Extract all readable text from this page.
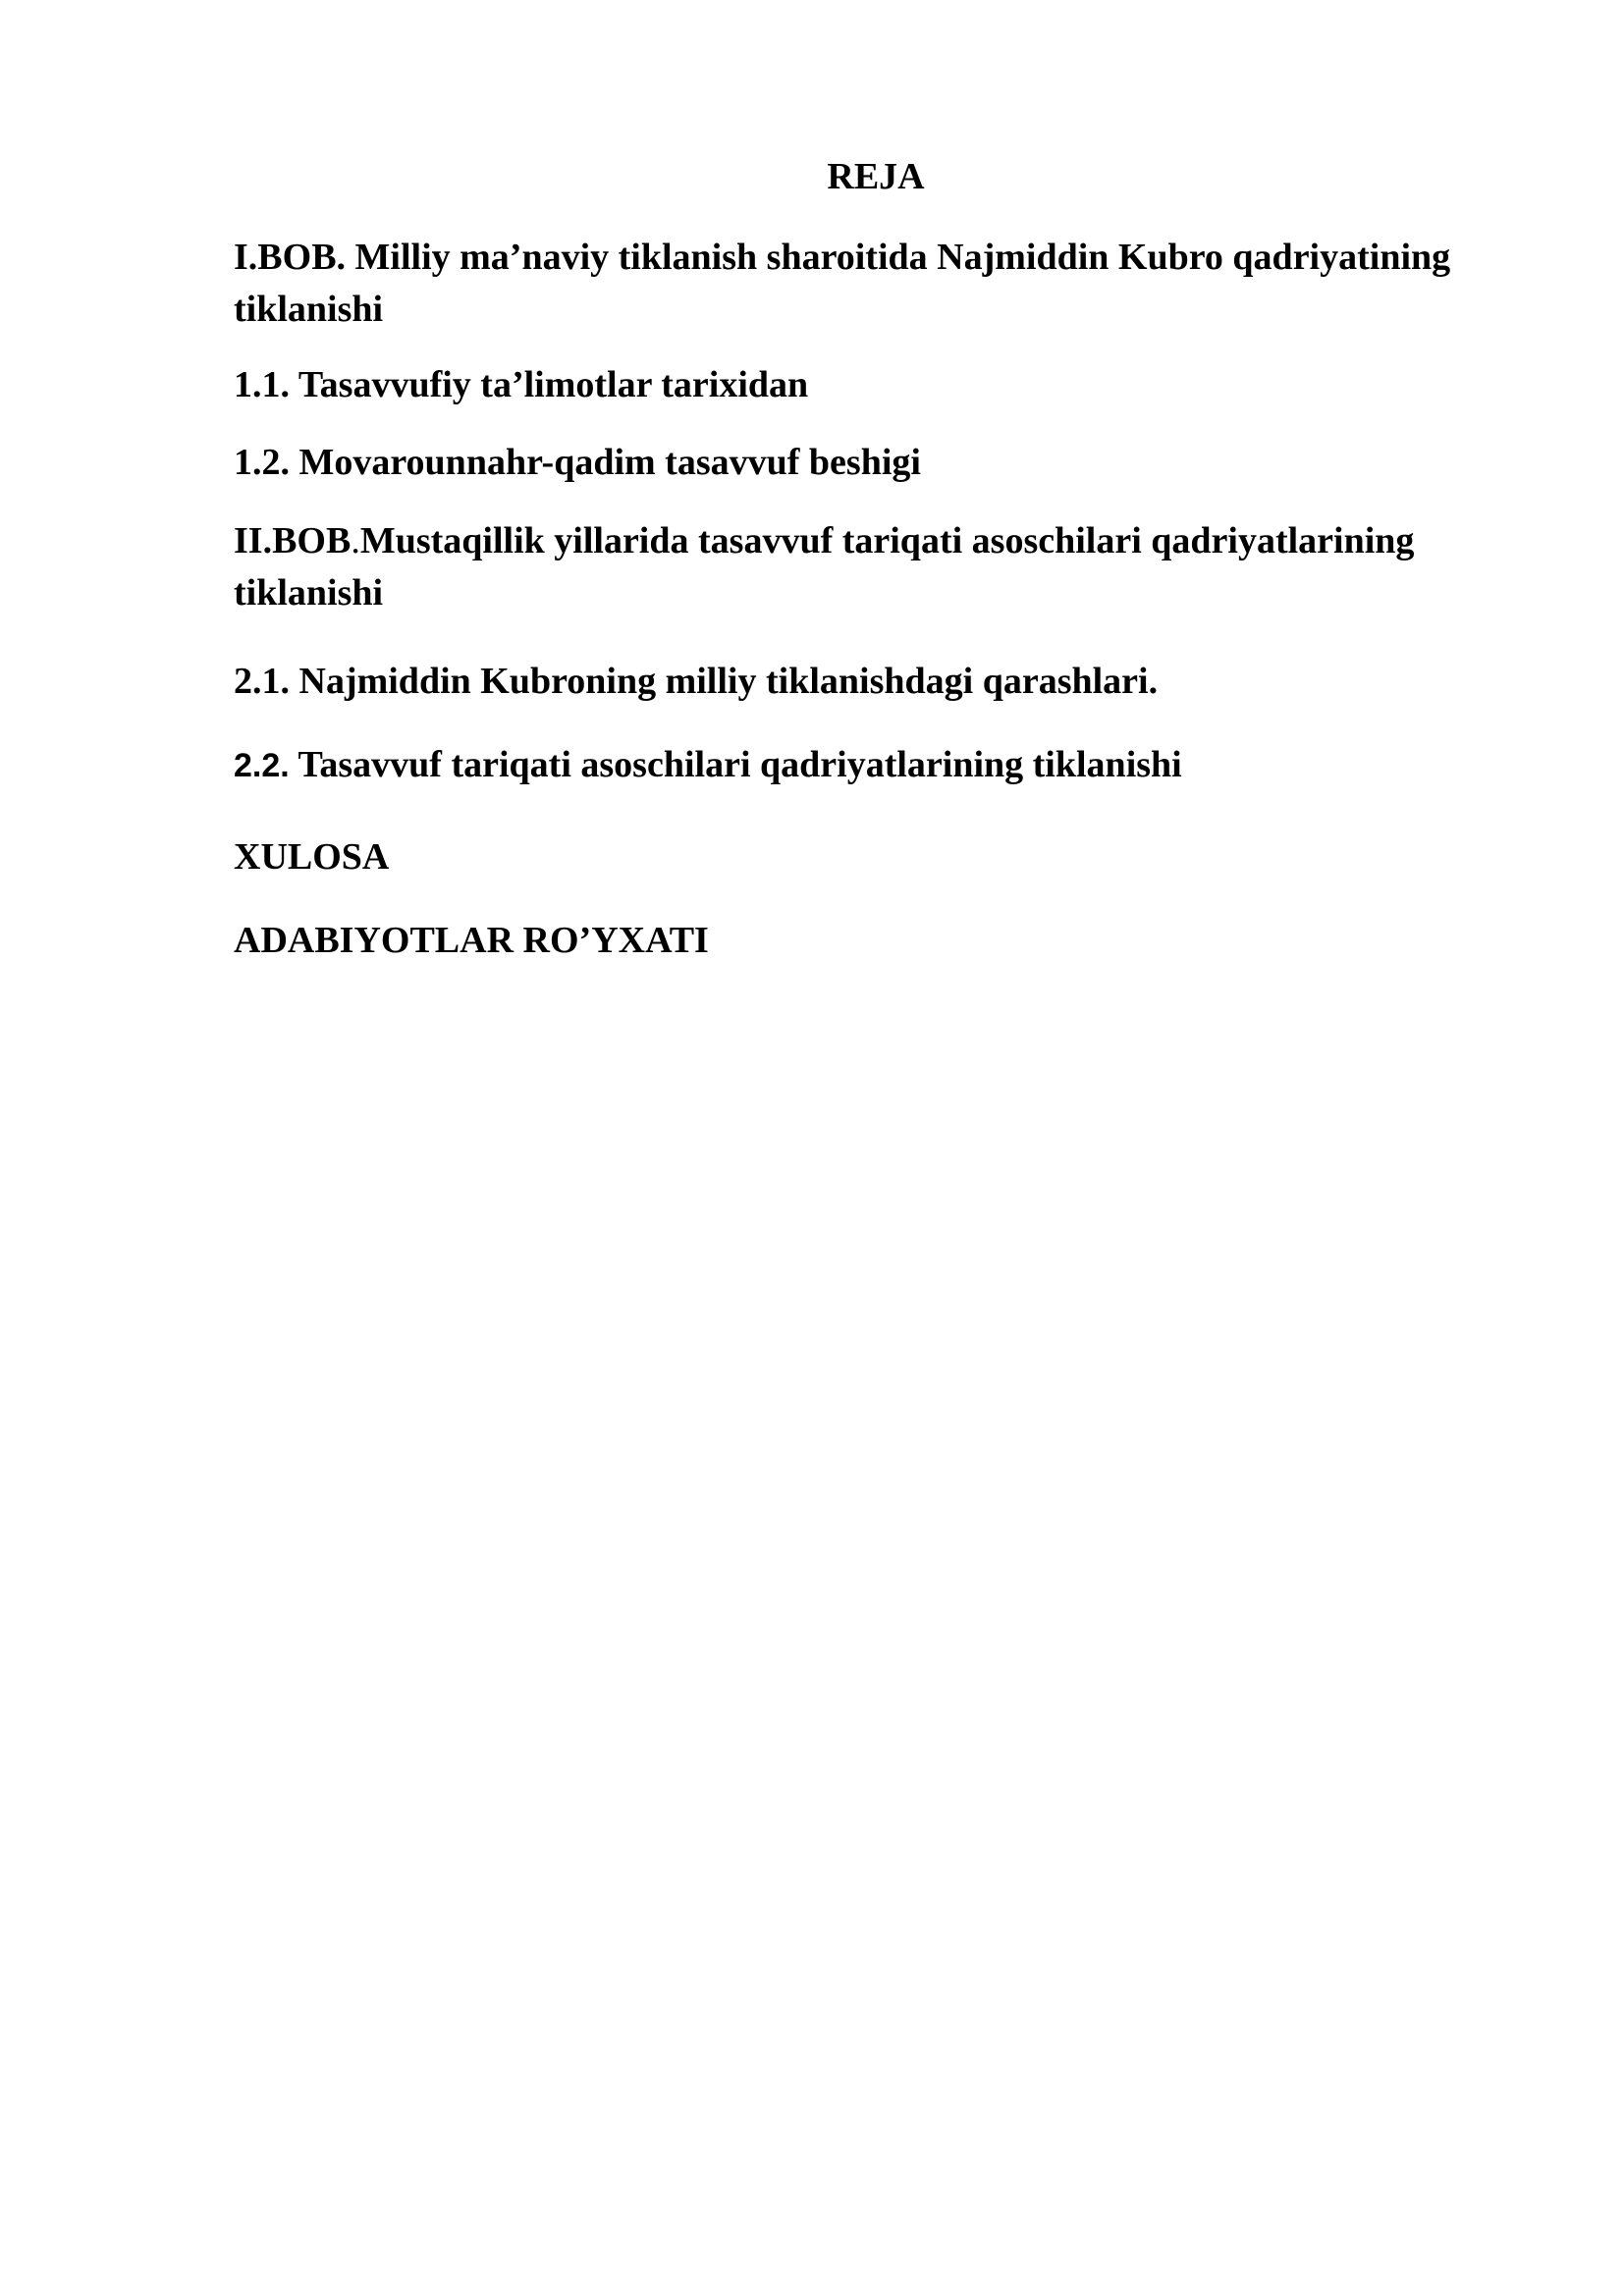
REJA

I.BOB. Milliy ma’naviy tiklanish sharoitida Najmiddin Kubro qadriyatining tiklanishi

1.1. Tasavvufiy ta’limotlar tarixidan

1.2. Movarounnahr-qadim tasavvuf beshigi

II.BOB.Mustaqillik yillarida tasavvuf tariqati asoschilari qadriyatlarining tiklanishi

2.1. Najmiddin Kubroning milliy tiklanishdagi qarashlari.

2.2. Tasavvuf tariqati asoschilari qadriyatlarining tiklanishi

XULOSA

ADABIYOTLAR RO’YXATI
